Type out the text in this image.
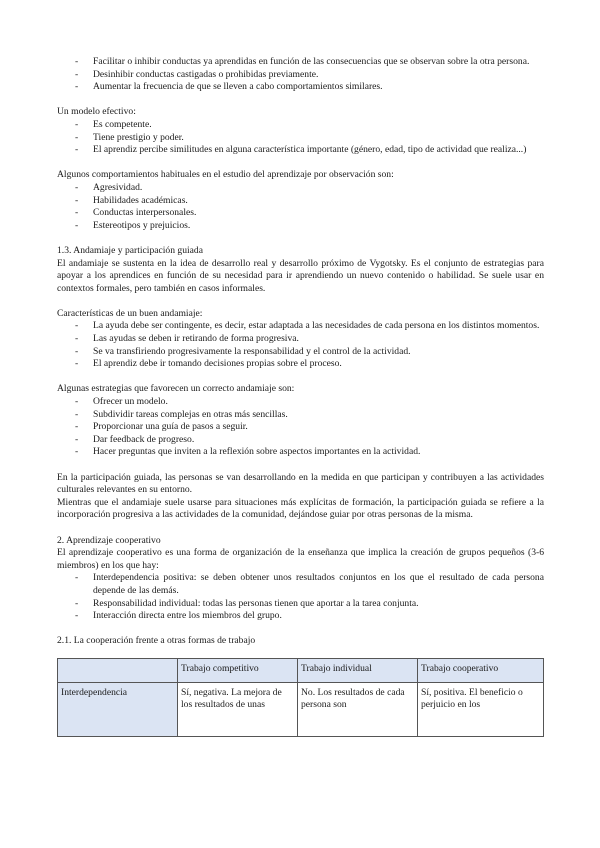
- Facilitar o inhibir conductas ya aprendidas en función de las consecuencias que se observan sobre la otra persona.
- Desinhibir conductas castigadas o prohibidas previamente.
- Aumentar la frecuencia de que se lleven a cabo comportamientos similares.

Un modelo efectivo:

- Es competente.
- Tiene prestigio y poder.
- El aprendiz percibe similitudes en alguna característica importante (género, edad, tipo de actividad que realiza...)

Algunos comportamientos habituales en el estudio del aprendizaje por observación son:

- Agresividad.
- Habilidades académicas.
- Conductas interpersonales.
- Estereotipos y prejuicios.

1.3. Andamiaje y participación guiada

El andamiaje se sustenta en la idea de desarrollo real y desarrollo próximo de Vygotsky. Es el conjunto de estrategias para apoyar a los aprendices en función de su necesidad para ir aprendiendo un nuevo contenido o habilidad. Se suele usar en contextos formales, pero también en casos informales.

Características de un buen andamiaje:

- La ayuda debe ser contingente, es decir, estar adaptada a las necesidades de cada persona en los distintos momentos.
- Las ayudas se deben ir retirando de forma progresiva.
- Se va transfiriendo progresivamente la responsabilidad y el control de la actividad.
- El aprendiz debe ir tomando decisiones propias sobre el proceso.

Algunas estrategias que favorecen un correcto andamiaje son:

- Ofrecer un modelo.
- Subdividir tareas complejas en otras más sencillas.
- Proporcionar una guía de pasos a seguir.
- Dar feedback de progreso.
- Hacer preguntas que inviten a la reflexión sobre aspectos importantes en la actividad.

En la participación guiada, las personas se van desarrollando en la medida en que participan y contribuyen a las actividades culturales relevantes en su entorno.

Mientras que el andamiaje suele usarse para situaciones más explícitas de formación, la participación guiada se refiere a la incorporación progresiva a las actividades de la comunidad, dejándose guiar por otras personas de la misma.

2. Aprendizaje cooperativo

El aprendizaje cooperativo es una forma de organización de la enseñanza que implica la creación de grupos pequeños (3-6 miembros) en los que hay:

- Interdependencia positiva: se deben obtener unos resultados conjuntos en los que el resultado de cada persona depende de las demás.
- Responsabilidad individual: todas las personas tienen que aportar a la tarea conjunta.
- Interacción directa entre los miembros del grupo.

2.1. La cooperación frente a otras formas de trabajo

	Trabajo competitivo	Trabajo individual	Trabajo cooperativo
Interdependencia	Sí, negativa. La mejora de los resultados de unas	No. Los resultados de cada persona son	Sí, positiva. El beneficio o perjuicio en los
